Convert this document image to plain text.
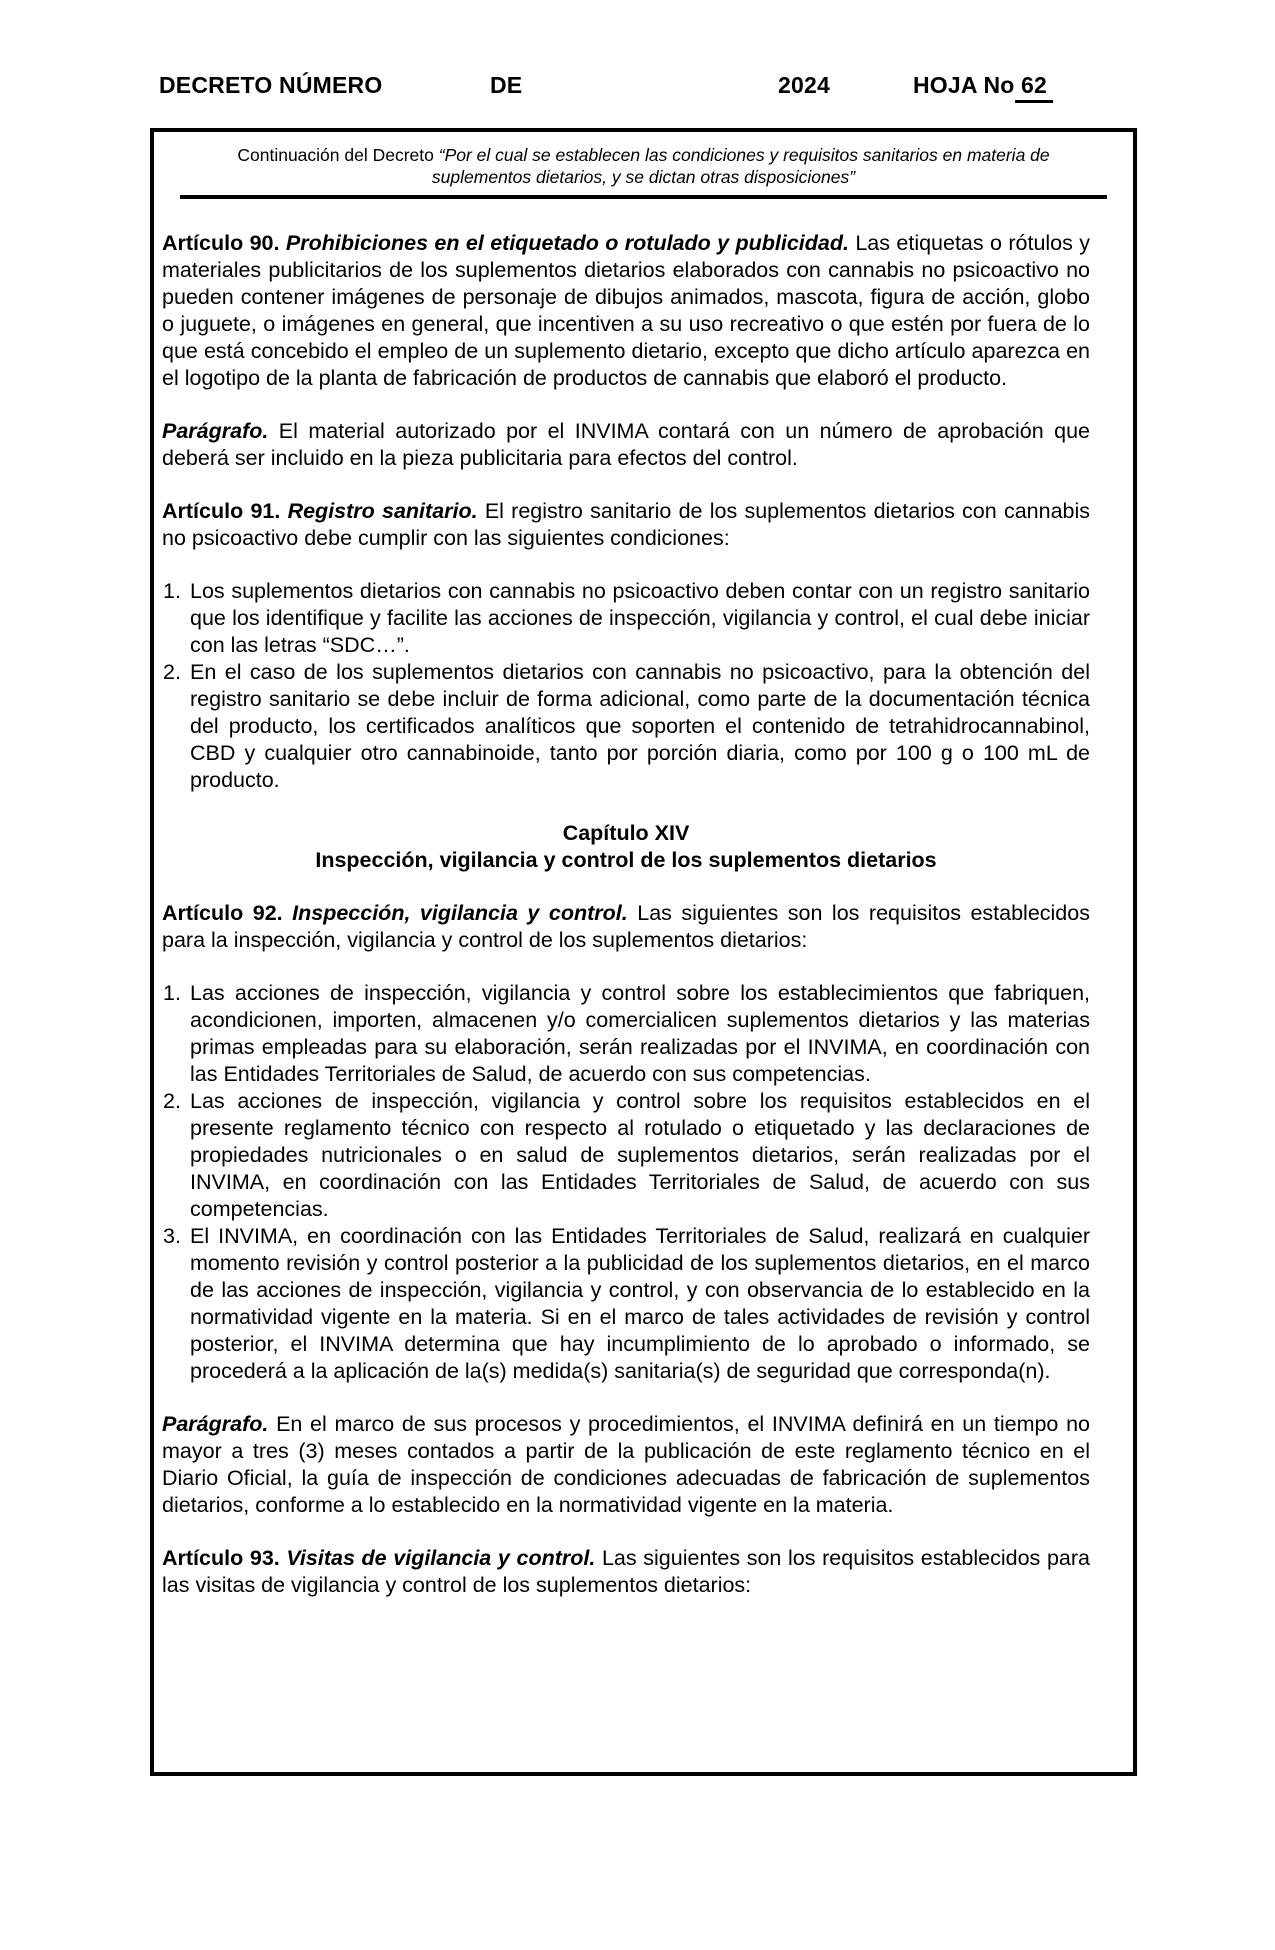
DECRETO NÚMERO	DE	2024	HOJA No 62
Continuación del Decreto “Por el cual se establecen las condiciones y requisitos sanitarios en materia de
suplementos dietarios, y se dictan otras disposiciones”

Artículo 90. Prohibiciones en el etiquetado o rotulado y publicidad. Las etiquetas o rótulos y materiales publicitarios de los suplementos dietarios elaborados con cannabis no psicoactivo no pueden contener imágenes de personaje de dibujos animados, mascota, figura de acción, globo o juguete, o imágenes en general, que incentiven a su uso recreativo o que estén por fuera de lo que está concebido el empleo de un suplemento dietario, excepto que dicho artículo aparezca en el logotipo de la planta de fabricación de productos de cannabis que elaboró el producto.

Parágrafo. El material autorizado por el INVIMA contará con un número de aprobación que deberá ser incluido en la pieza publicitaria para efectos del control.

Artículo 91. Registro sanitario. El registro sanitario de los suplementos dietarios con cannabis no psicoactivo debe cumplir con las siguientes condiciones:

Los suplementos dietarios con cannabis no psicoactivo deben contar con un registro sanitario que los identifique y facilite las acciones de inspección, vigilancia y control, el cual debe iniciar con las letras “SDC…”.
En el caso de los suplementos dietarios con cannabis no psicoactivo, para la obtención del registro sanitario se debe incluir de forma adicional, como parte de la documentación técnica del producto, los certificados analíticos que soporten el contenido de tetrahidrocannabinol, CBD y cualquier otro cannabinoide, tanto por porción diaria, como por 100 g o 100 mL de producto.
Capítulo XIV
Inspección, vigilancia y control de los suplementos dietarios

Artículo 92. Inspección, vigilancia y control. Las siguientes son los requisitos establecidos para la inspección, vigilancia y control de los suplementos dietarios:

Las acciones de inspección, vigilancia y control sobre los establecimientos que fabriquen, acondicionen, importen, almacenen y/o comercialicen suplementos dietarios y las materias primas empleadas para su elaboración, serán realizadas por el INVIMA, en coordinación con las Entidades Territoriales de Salud, de acuerdo con sus competencias.
Las acciones de inspección, vigilancia y control sobre los requisitos establecidos en el presente reglamento técnico con respecto al rotulado o etiquetado y las declaraciones de propiedades nutricionales o en salud de suplementos dietarios, serán realizadas por el INVIMA, en coordinación con las Entidades Territoriales de Salud, de acuerdo con sus competencias.
El INVIMA, en coordinación con las Entidades Territoriales de Salud, realizará en cualquier momento revisión y control posterior a la publicidad de los suplementos dietarios, en el marco de las acciones de inspección, vigilancia y control, y con observancia de lo establecido en la normatividad vigente en la materia. Si en el marco de tales actividades de revisión y control posterior, el INVIMA determina que hay incumplimiento de lo aprobado o informado, se procederá a la aplicación de la(s) medida(s) sanitaria(s) de seguridad que corresponda(n).

Parágrafo. En el marco de sus procesos y procedimientos, el INVIMA definirá en un tiempo no mayor a tres (3) meses contados a partir de la publicación de este reglamento técnico en el Diario Oficial, la guía de inspección de condiciones adecuadas de fabricación de suplementos dietarios, conforme a lo establecido en la normatividad vigente en la materia.

Artículo 93. Visitas de vigilancia y control. Las siguientes son los requisitos establecidos para las visitas de vigilancia y control de los suplementos dietarios:
